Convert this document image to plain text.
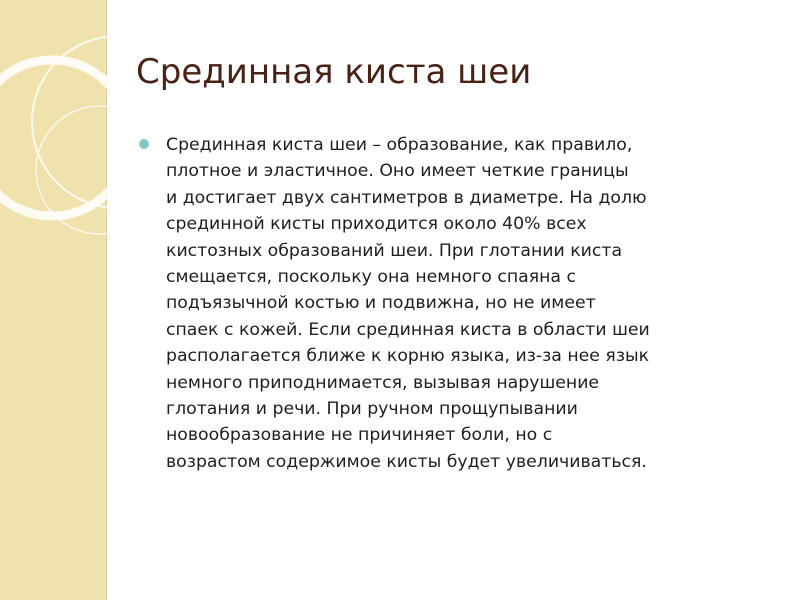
Срединная киста шеи
Срединная киста шеи – образование, как правило,
плотное и эластичное. Оно имеет четкие границы
и достигает двух сантиметров в диаметре. На долю
срединной кисты приходится около 40% всех
кистозных образований шеи. При глотании киста
смещается, поскольку она немного спаяна с
подъязычной костью и подвижна, но не имеет
спаек с кожей. Если срединная киста в области шеи
располагается ближе к корню языка, из-за нее язык
немного приподнимается, вызывая нарушение
глотания и речи. При ручном прощупывании
новообразование не причиняет боли, но с
возрастом содержимое кисты будет увеличиваться.
